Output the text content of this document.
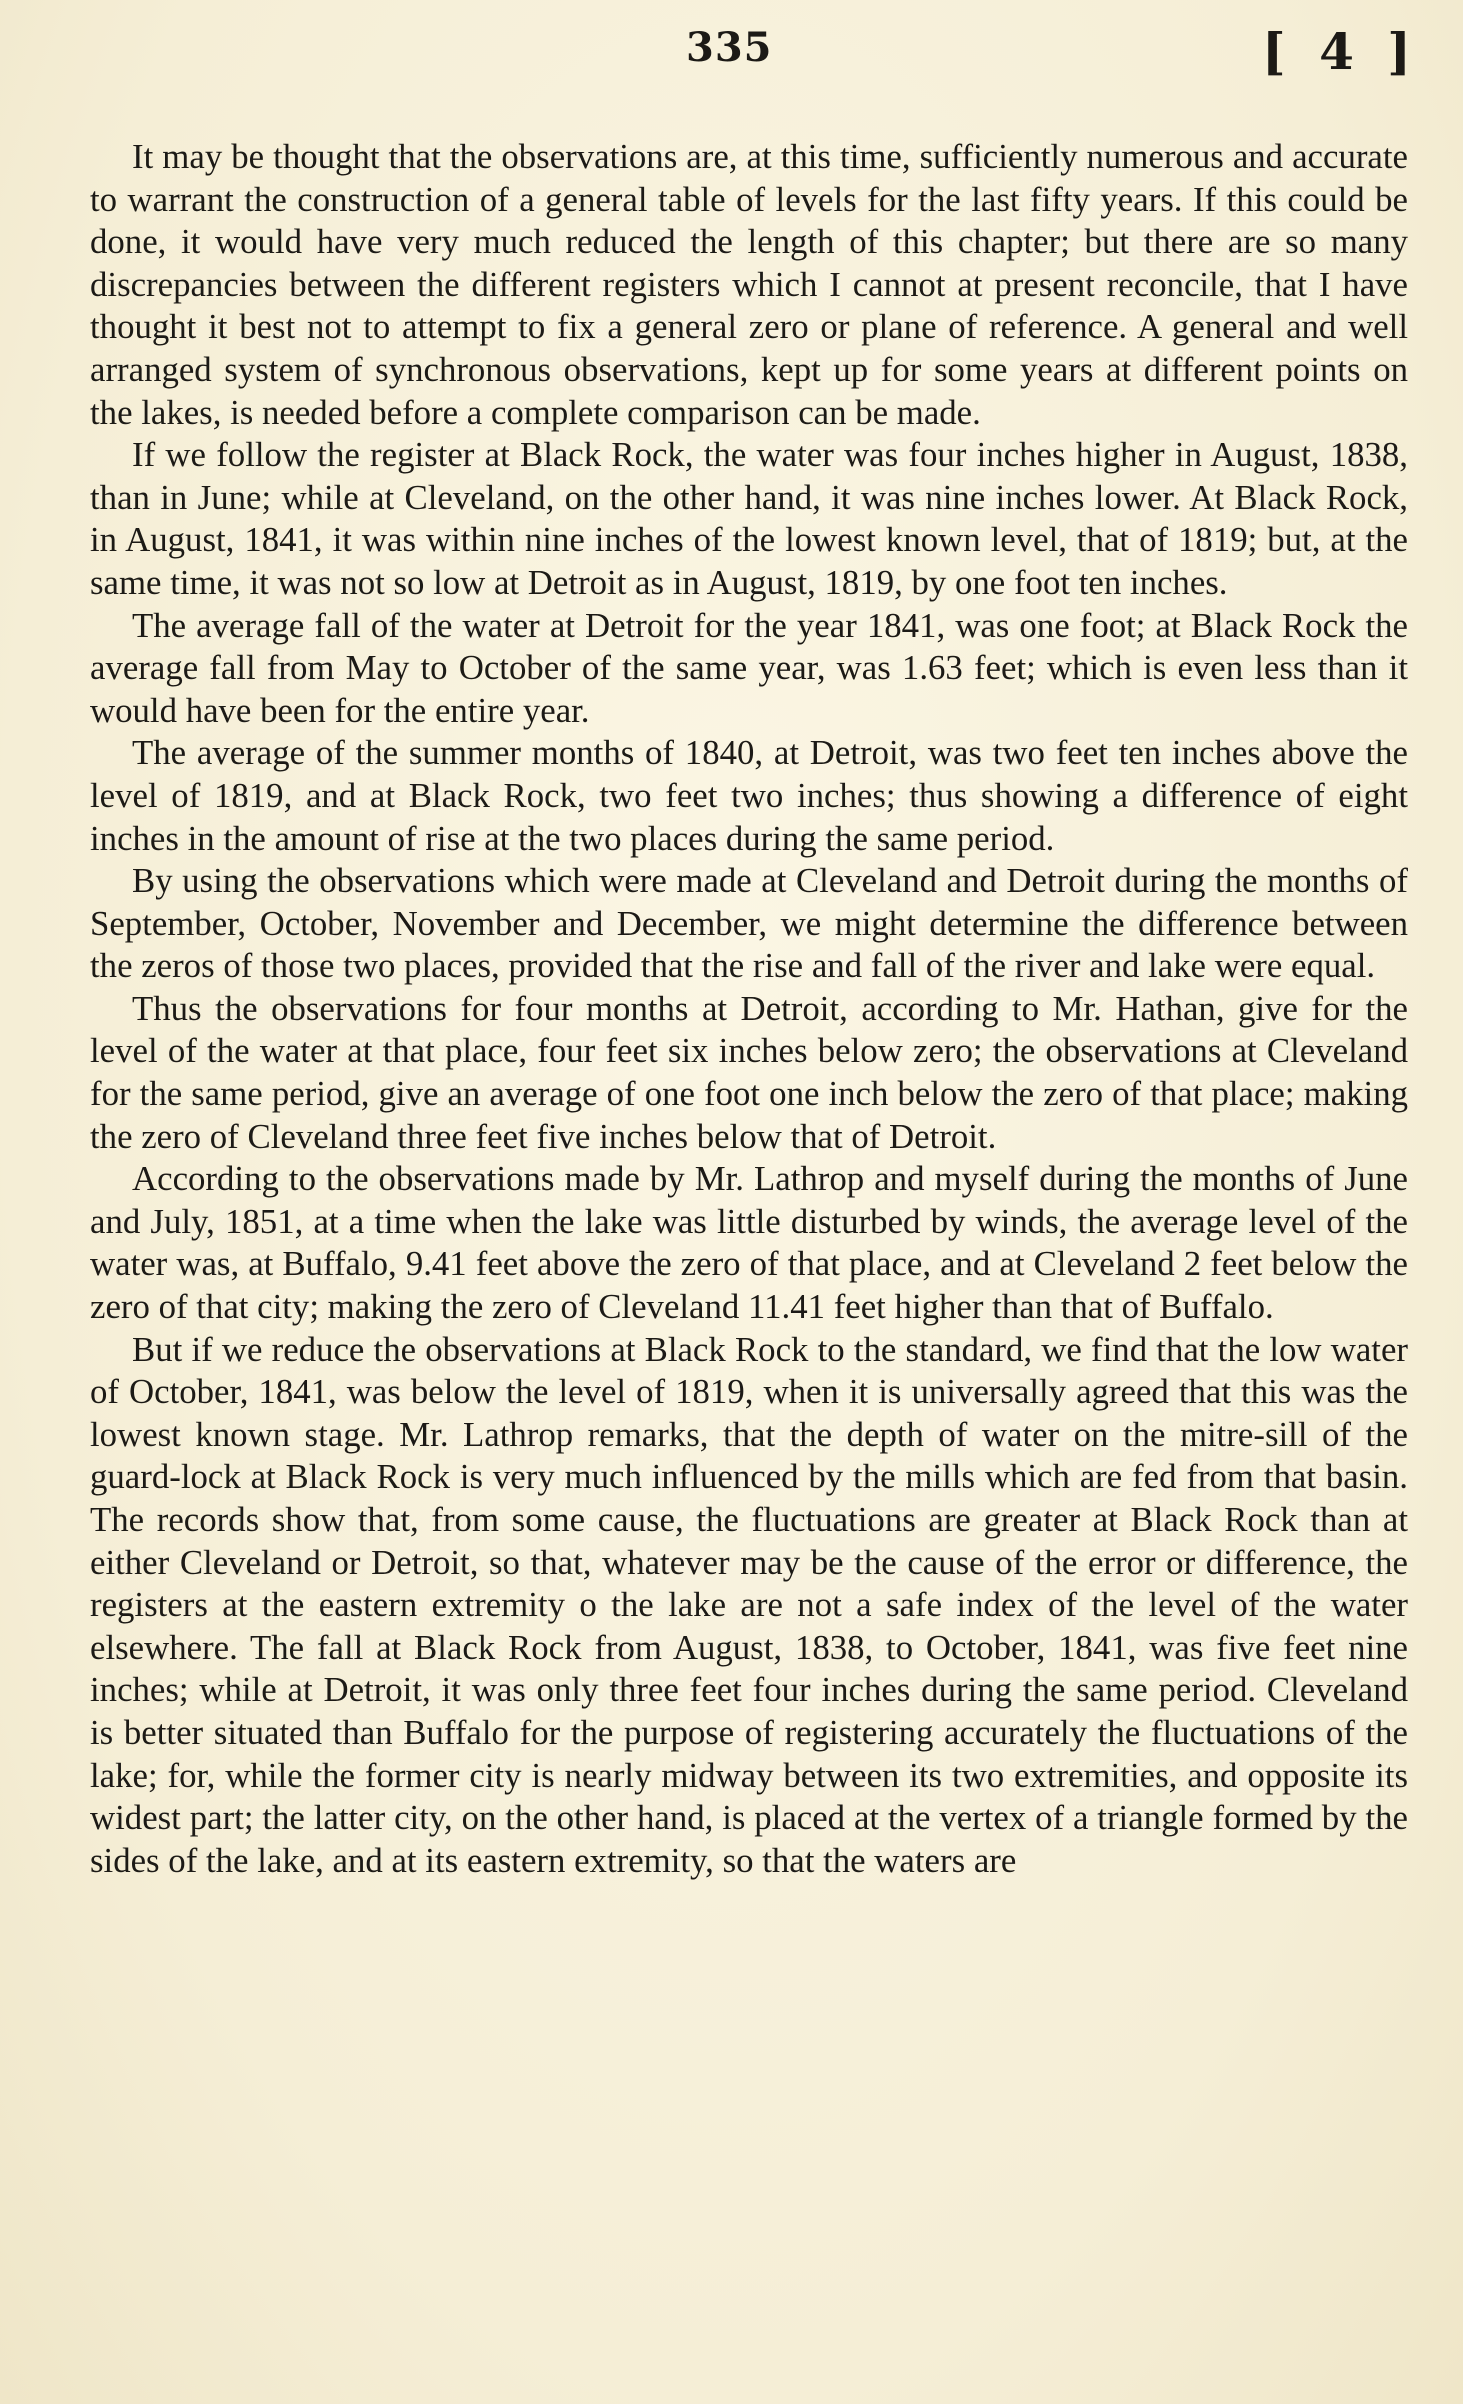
335	[ 4 ]

It may be thought that the observations are, at this time, sufficiently numerous and accurate to warrant the construction of a general table of levels for the last fifty years. If this could be done, it would have very much reduced the length of this chapter; but there are so many discrepancies between the different registers which I cannot at present reconcile, that I have thought it best not to attempt to fix a general zero or plane of reference. A general and well arranged system of synchronous observations, kept up for some years at different points on the lakes, is needed before a complete comparison can be made.

If we follow the register at Black Rock, the water was four inches higher in August, 1838, than in June; while at Cleveland, on the other hand, it was nine inches lower. At Black Rock, in August, 1841, it was within nine inches of the lowest known level, that of 1819; but, at the same time, it was not so low at Detroit as in August, 1819, by one foot ten inches.

The average fall of the water at Detroit for the year 1841, was one foot; at Black Rock the average fall from May to October of the same year, was 1.63 feet; which is even less than it would have been for the entire year.

The average of the summer months of 1840, at Detroit, was two feet ten inches above the level of 1819, and at Black Rock, two feet two inches; thus showing a difference of eight inches in the amount of rise at the two places during the same period.

By using the observations which were made at Cleveland and Detroit during the months of September, October, November and December, we might determine the difference between the zeros of those two places, provided that the rise and fall of the river and lake were equal.

Thus the observations for four months at Detroit, according to Mr. Hathan, give for the level of the water at that place, four feet six inches below zero; the observations at Cleveland for the same period, give an average of one foot one inch below the zero of that place; making the zero of Cleveland three feet five inches below that of Detroit.

According to the observations made by Mr. Lathrop and myself during the months of June and July, 1851, at a time when the lake was little disturbed by winds, the average level of the water was, at Buffalo, 9.41 feet above the zero of that place, and at Cleveland 2 feet below the zero of that city; making the zero of Cleveland 11.41 feet higher than that of Buffalo.

But if we reduce the observations at Black Rock to the standard, we find that the low water of October, 1841, was below the level of 1819, when it is universally agreed that this was the lowest known stage. Mr. Lathrop remarks, that the depth of water on the mitre-sill of the guard-lock at Black Rock is very much influenced by the mills which are fed from that basin. The records show that, from some cause, the fluctuations are greater at Black Rock than at either Cleveland or Detroit, so that, whatever may be the cause of the error or difference, the registers at the eastern extremity o the lake are not a safe index of the level of the water elsewhere. The fall at Black Rock from August, 1838, to October, 1841, was five feet nine inches; while at Detroit, it was only three feet four inches during the same period. Cleveland is better situated than Buffalo for the purpose of registering accurately the fluctuations of the lake; for, while the former city is nearly midway between its two extremities, and opposite its widest part; the latter city, on the other hand, is placed at the vertex of a triangle formed by the sides of the lake, and at its eastern extremity, so that the waters are
